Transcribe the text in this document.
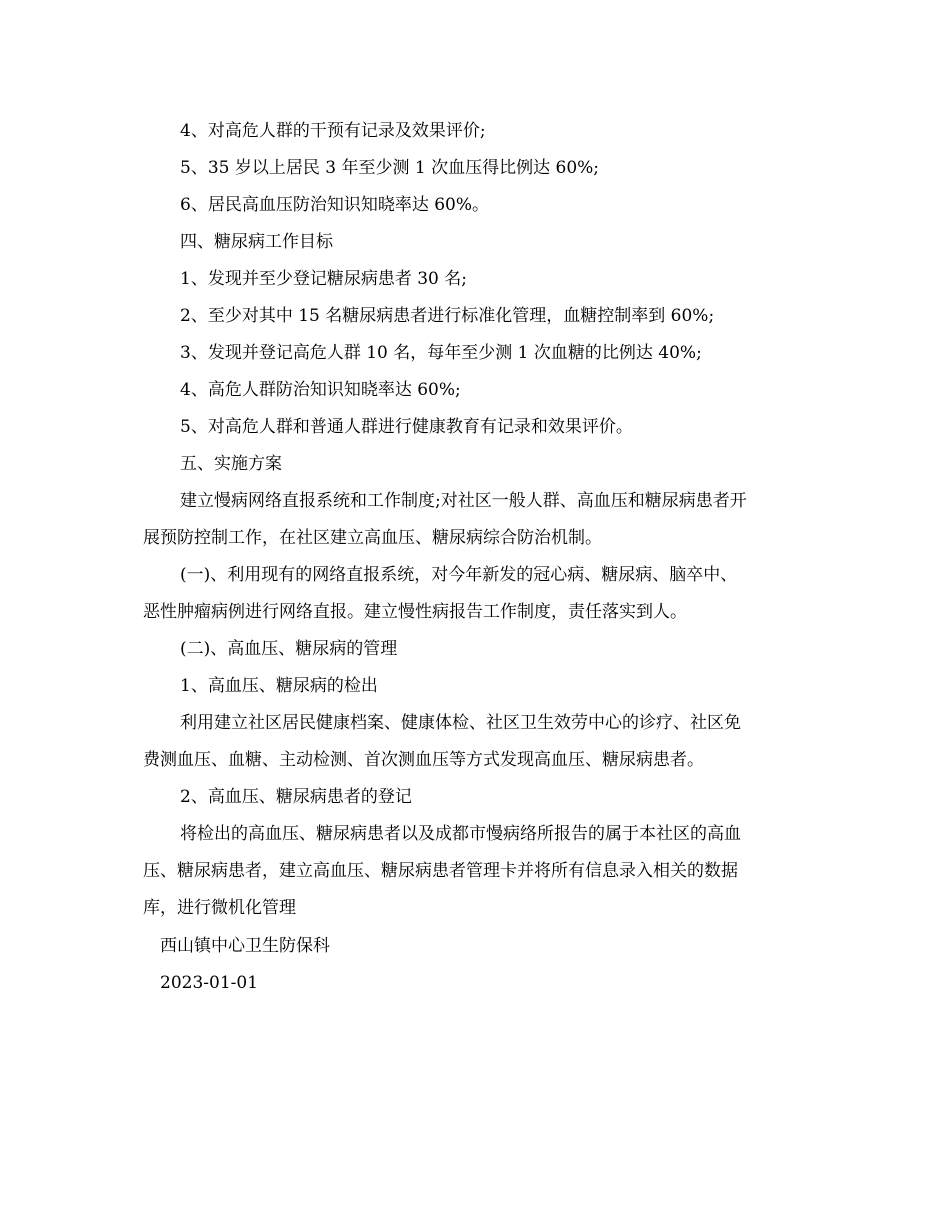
4、对高危人群的干预有记录及效果评价;
5、35 岁以上居民 3 年至少测 1 次血压得比例达 60%;
6、居民高血压防治知识知晓率达 60%。
四、糖尿病工作目标
1、发现并至少登记糖尿病患者 30 名;
2、至少对其中 15 名糖尿病患者进行标准化管理，血糖控制率到 60%;
3、发现并登记高危人群 10 名，每年至少测 1 次血糖的比例达 40%;
4、高危人群防治知识知晓率达 60%;
5、对高危人群和普通人群进行健康教育有记录和效果评价。
五、实施方案
建立慢病网络直报系统和工作制度;对社区一般人群、高血压和糖尿病患者开
展预防控制工作，在社区建立高血压、糖尿病综合防治机制。
(一)、利用现有的网络直报系统，对今年新发的冠心病、糖尿病、脑卒中、
恶性肿瘤病例进行网络直报。建立慢性病报告工作制度，责任落实到人。
(二)、高血压、糖尿病的管理
1、高血压、糖尿病的检出
利用建立社区居民健康档案、健康体检、社区卫生效劳中心的诊疗、社区免
费测血压、血糖、主动检测、首次测血压等方式发现高血压、糖尿病患者。
2、高血压、糖尿病患者的登记
将检出的高血压、糖尿病患者以及成都市慢病络所报告的属于本社区的高血
压、糖尿病患者，建立高血压、糖尿病患者管理卡并将所有信息录入相关的数据
库，进行微机化管理
西山镇中心卫生防保科
2023-01-01
